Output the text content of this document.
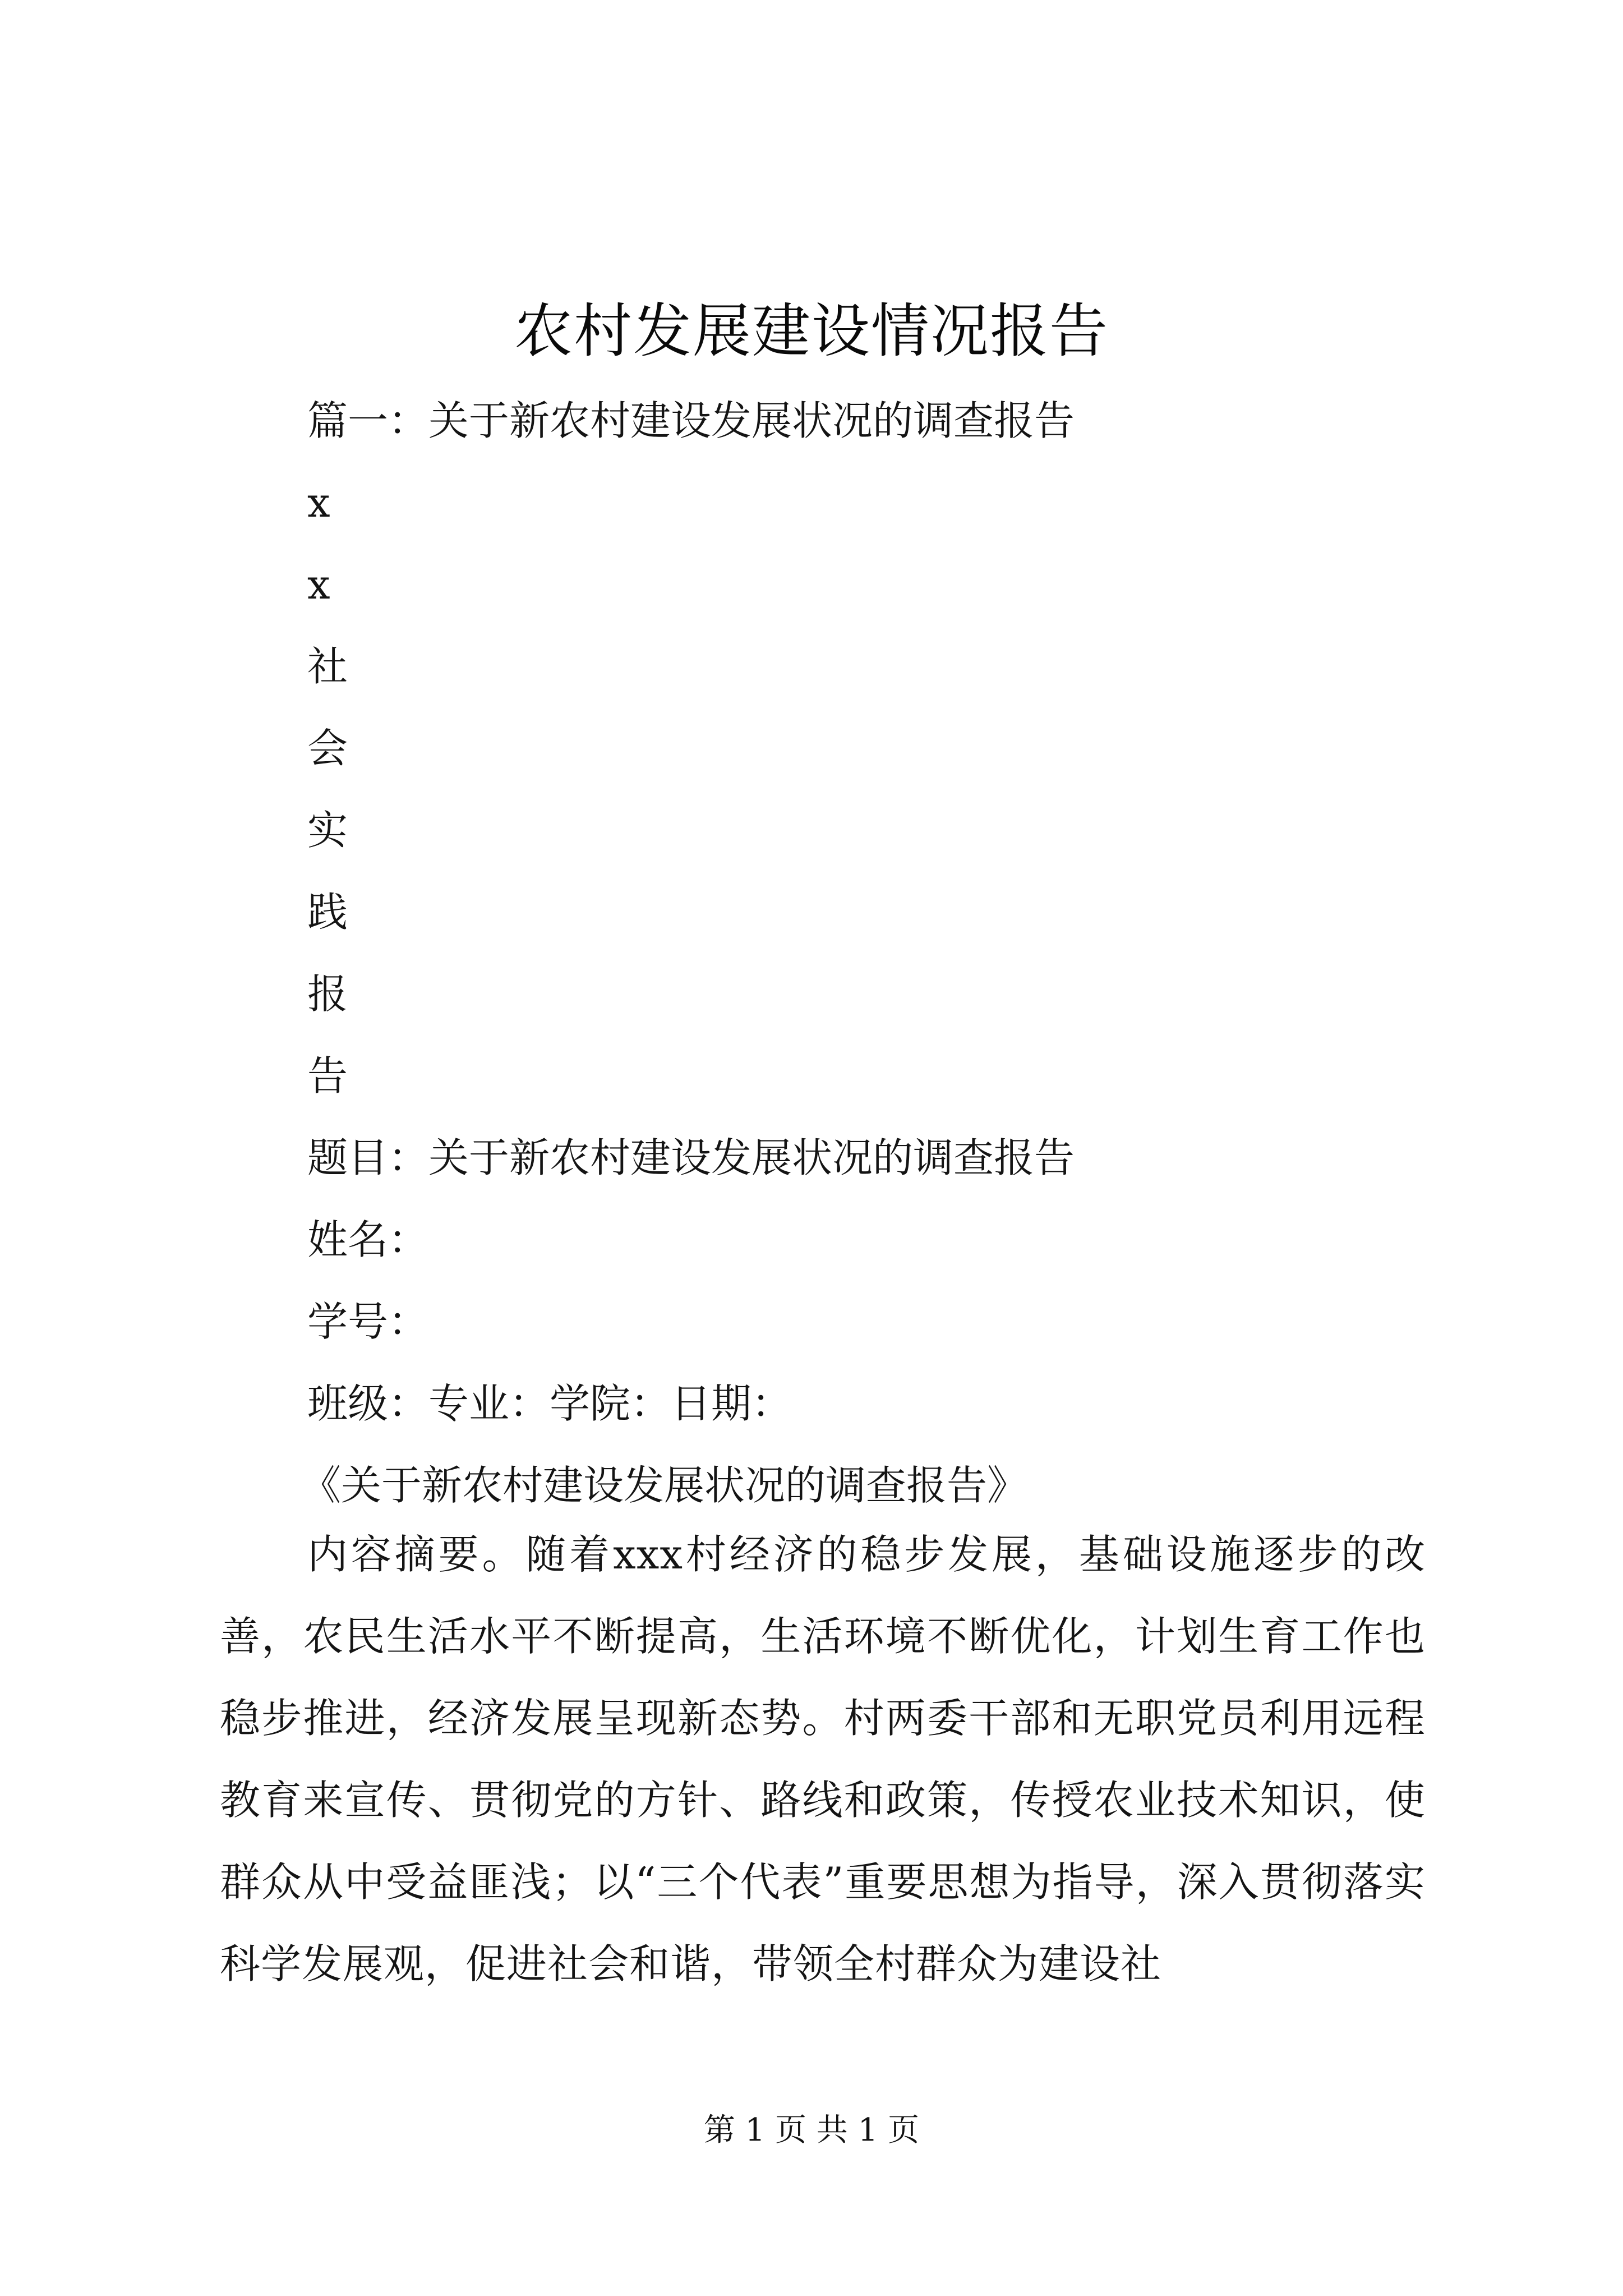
农村发展建设情况报告
篇一：关于新农村建设发展状况的调查报告
x
x
社
会
实
践
报
告
题目：关于新农村建设发展状况的调查报告
姓名：
学号：
班级：专业：学院：日期：
《关于新农村建设发展状况的调查报告》
内容摘要。随着xxx村经济的稳步发展，基础设施逐步的改善，农民生活水平不断提高，生活环境不断优化，计划生育工作也稳步推进，经济发展呈现新态势。村两委干部和无职党员利用远程教育来宣传、贯彻党的方针、路线和政策，传授农业技术知识，使群众从中受益匪浅；以“三个代表”重要思想为指导，深入贯彻落实科学发展观，促进社会和谐，带领全村群众为建设社
第 1 页 共 1 页
